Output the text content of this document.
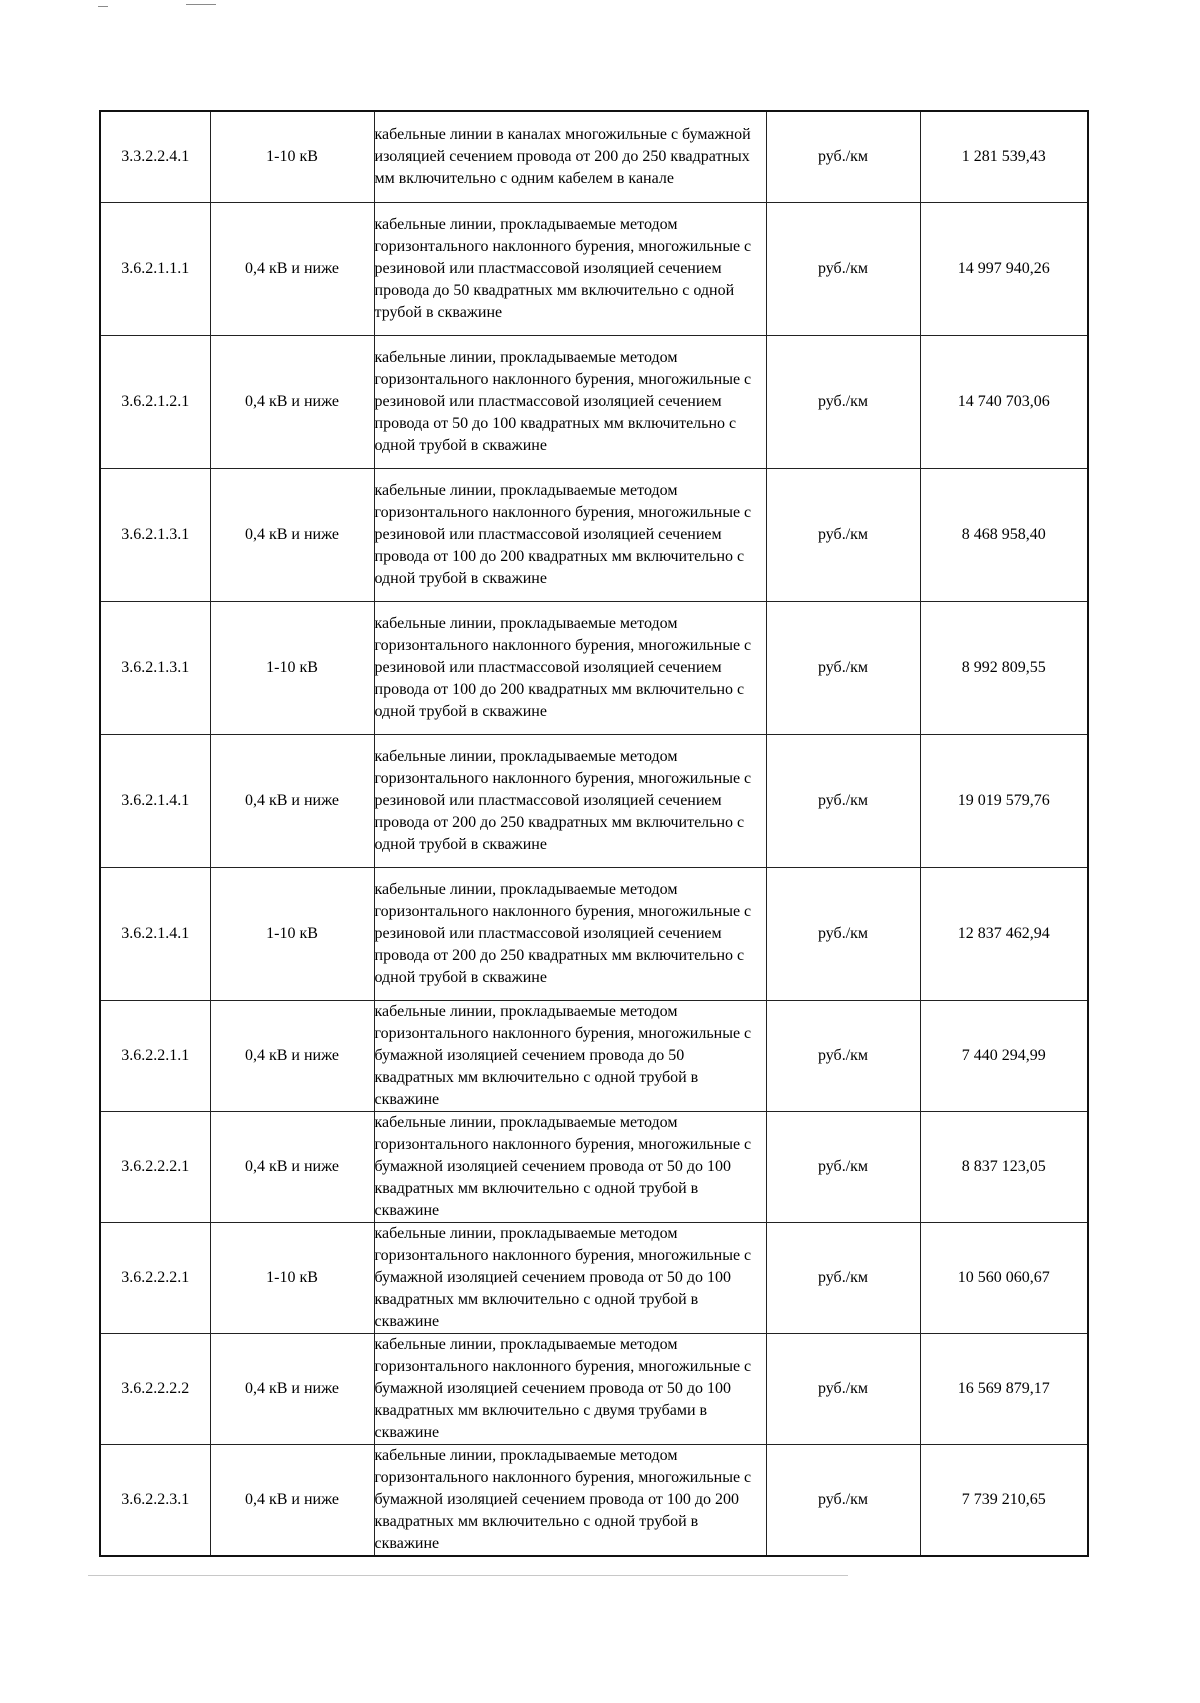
3.3.2.2.4.1	1-10 кВ	кабельные линии в каналах многожильные с бумажной изоляцией сечением провода от 200 до 250 квадратных мм включительно с одним кабелем в канале	руб./км	1 281 539,43
3.6.2.1.1.1	0,4 кВ и ниже	кабельные линии, прокладываемые методом горизонтального наклонного бурения, многожильные с резиновой или пластмассовой изоляцией сечением провода до 50 квадратных мм включительно с одной трубой в скважине	руб./км	14 997 940,26
3.6.2.1.2.1	0,4 кВ и ниже	кабельные линии, прокладываемые методом горизонтального наклонного бурения, многожильные с резиновой или пластмассовой изоляцией сечением провода от 50 до 100 квадратных мм включительно с одной трубой в скважине	руб./км	14 740 703,06
3.6.2.1.3.1	0,4 кВ и ниже	кабельные линии, прокладываемые методом горизонтального наклонного бурения, многожильные с резиновой или пластмассовой изоляцией сечением провода от 100 до 200 квадратных мм включительно с одной трубой в скважине	руб./км	8 468 958,40
3.6.2.1.3.1	1-10 кВ	кабельные линии, прокладываемые методом горизонтального наклонного бурения, многожильные с резиновой или пластмассовой изоляцией сечением провода от 100 до 200 квадратных мм включительно с одной трубой в скважине	руб./км	8 992 809,55
3.6.2.1.4.1	0,4 кВ и ниже	кабельные линии, прокладываемые методом горизонтального наклонного бурения, многожильные с резиновой или пластмассовой изоляцией сечением провода от 200 до 250 квадратных мм включительно с одной трубой в скважине	руб./км	19 019 579,76
3.6.2.1.4.1	1-10 кВ	кабельные линии, прокладываемые методом горизонтального наклонного бурения, многожильные с резиновой или пластмассовой изоляцией сечением провода от 200 до 250 квадратных мм включительно с одной трубой в скважине	руб./км	12 837 462,94
3.6.2.2.1.1	0,4 кВ и ниже	кабельные линии, прокладываемые методом горизонтального наклонного бурения, многожильные с бумажной изоляцией сечением провода до 50 квадратных мм включительно с одной трубой в скважине	руб./км	7 440 294,99
3.6.2.2.2.1	0,4 кВ и ниже	кабельные линии, прокладываемые методом горизонтального наклонного бурения, многожильные с бумажной изоляцией сечением провода от 50 до 100 квадратных мм включительно с одной трубой в скважине	руб./км	8 837 123,05
3.6.2.2.2.1	1-10 кВ	кабельные линии, прокладываемые методом горизонтального наклонного бурения, многожильные с бумажной изоляцией сечением провода от 50 до 100 квадратных мм включительно с одной трубой в скважине	руб./км	10 560 060,67
3.6.2.2.2.2	0,4 кВ и ниже	кабельные линии, прокладываемые методом горизонтального наклонного бурения, многожильные с бумажной изоляцией сечением провода от 50 до 100 квадратных мм включительно с двумя трубами в скважине	руб./км	16 569 879,17
3.6.2.2.3.1	0,4 кВ и ниже	кабельные линии, прокладываемые методом горизонтального наклонного бурения, многожильные с бумажной изоляцией сечением провода от 100 до 200 квадратных мм включительно с одной трубой в скважине	руб./км	7 739 210,65
